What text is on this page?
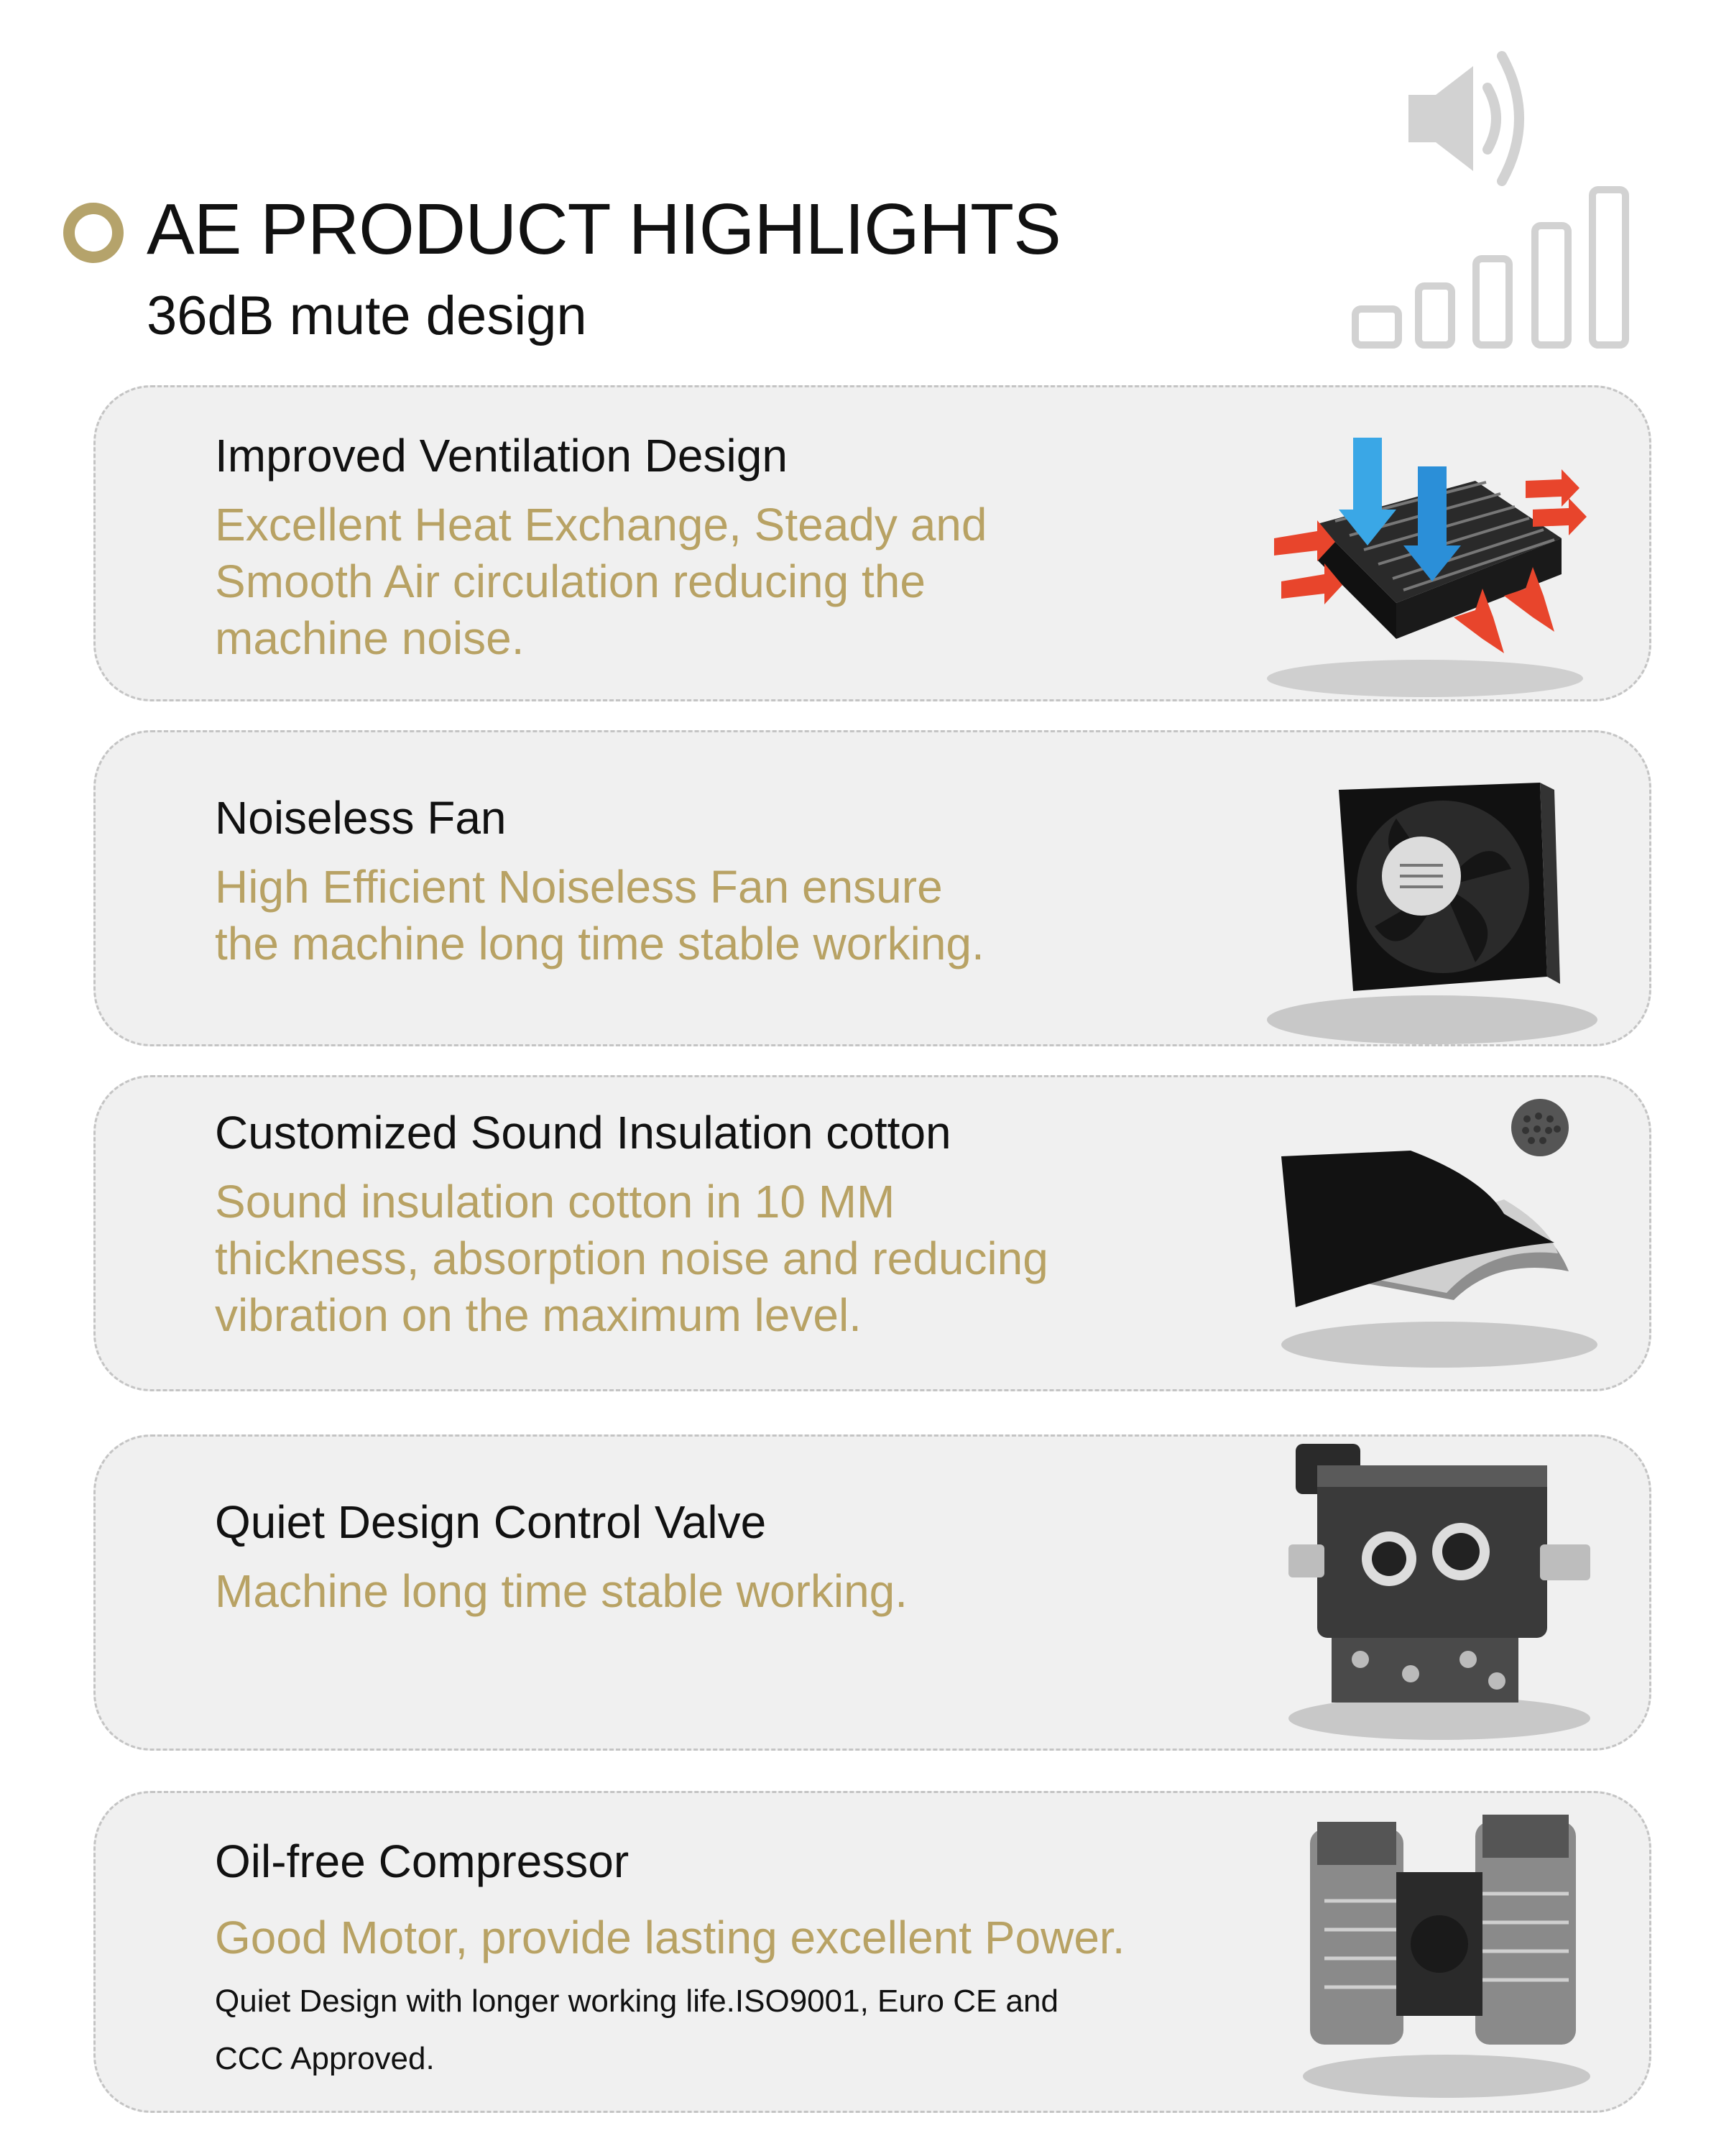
AE PRODUCT HIGHLIGHTS
36dB mute design
Improved Ventilation Design
Excellent Heat Exchange, Steady and
Smooth Air circulation reducing the
machine noise.
Noiseless Fan
High Efficient Noiseless Fan ensure
the machine long time stable working.
Customized Sound Insulation cotton
Sound insulation cotton in 10 MM
thickness, absorption noise and reducing
vibration on the maximum level.
Quiet Design Control Valve
Machine long time stable working.
Oil-free Compressor
Good Motor, provide lasting excellent Power.
Quiet Design with longer working life.ISO9001, Euro CE and
CCC Approved.
